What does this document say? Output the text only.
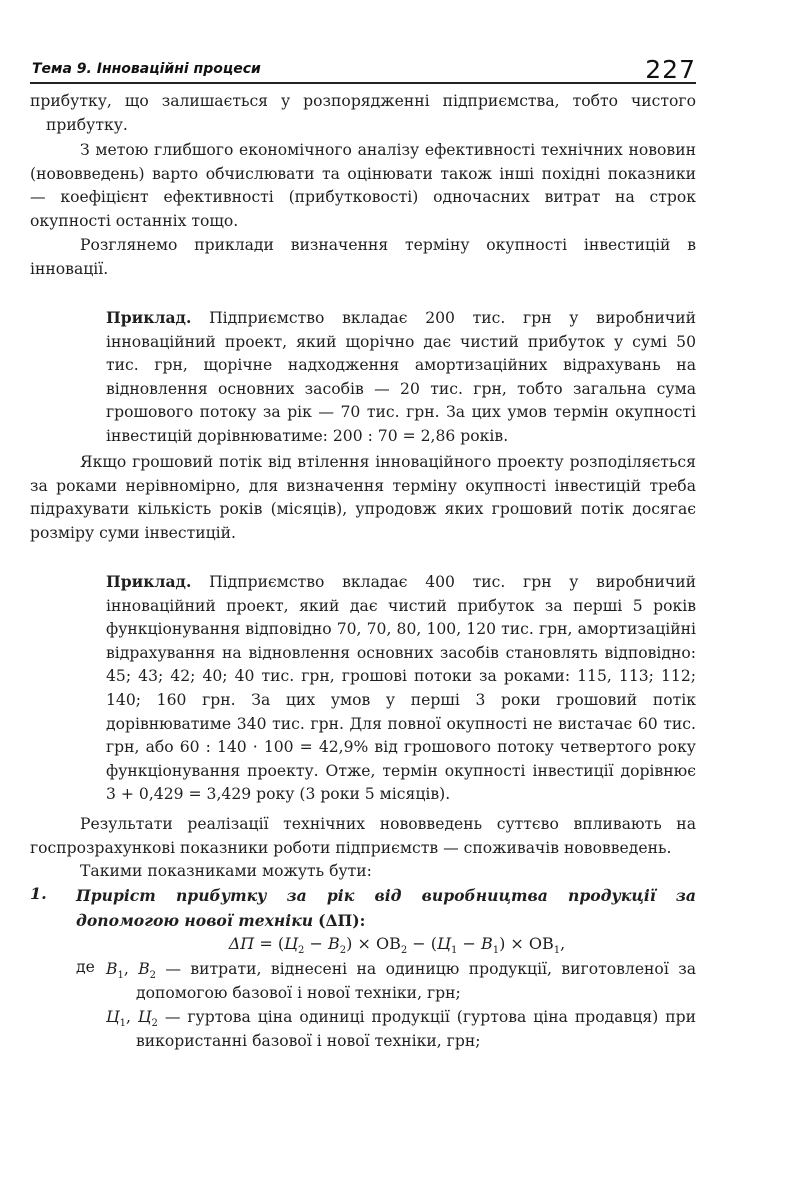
Тема 9. Інноваційні процеси	227

прибутку, що залишається у розпорядженні підприємства, тобто чистого прибутку.

З метою глибшого економічного аналізу ефективності технічних нововин (нововведень) варто обчислювати та оцінювати також інші похідні показники — коефіцієнт ефективності (прибутковості) одночасних витрат на строк окупності останніх тощо.

Розглянемо приклади визначення терміну окупності інвестицій в інновації.

Приклад. Підприємство вкладає 200 тис. грн у виробничий інноваційний проект, який щорічно дає чистий прибуток у сумі 50 тис. грн, щорічне надходження амортизаційних відрахувань на відновлення основних засобів — 20 тис. грн, тобто загальна сума грошового потоку за рік — 70 тис. грн. За цих умов термін окупності інвестицій дорівнюватиме: 200 : 70 = 2,86 років.

Якщо грошовий потік від втілення інноваційного проекту розподіляється за роками нерівномірно, для визначення терміну окупності інвестицій треба підрахувати кількість років (місяців), упродовж яких грошовий потік досягає розміру суми інвестицій.

Приклад. Підприємство вкладає 400 тис. грн у виробничий інноваційний проект, який дає чистий прибуток за перші 5 років функціонування відповідно 70, 70, 80, 100, 120 тис. грн, амортизаційні відрахування на відновлення основних засобів становлять відповідно: 45; 43; 42; 40; 40 тис. грн, грошові потоки за роками: 115, 113; 112; 140; 160 грн. За цих умов у перші 3 роки грошовий потік дорівнюватиме 340 тис. грн. Для повної окупності не вистачає 60 тис. грн, або 60 : 140 · 100 = 42,9% від грошового потоку четвертого року функціонування проекту. Отже, термін окупності інвестиції дорівнює 3 + 0,429 = 3,429 року (3 роки 5 місяців).

Результати реалізації технічних нововведень суттєво впливають на госпрозрахункові показники роботи підприємств — споживачів нововведень.

Такими показниками можуть бути:

1. Приріст прибутку за рік від виробництва продукції за допомогою нової техніки (ΔП):

$\Delta П = (Ц_2 - В_2) \times ОВ_2 - (Ц_1 - В_1) \times ОВ_1$,
де $В_1$, $В_2$ — витрати, віднесені на одиницю продукції, виготовленої за допомогою базової і нової техніки, грн;

$Ц_1$, $Ц_2$ — гуртова ціна одиниці продукції (гуртова ціна продавця) при використанні базової і нової техніки, грн;
